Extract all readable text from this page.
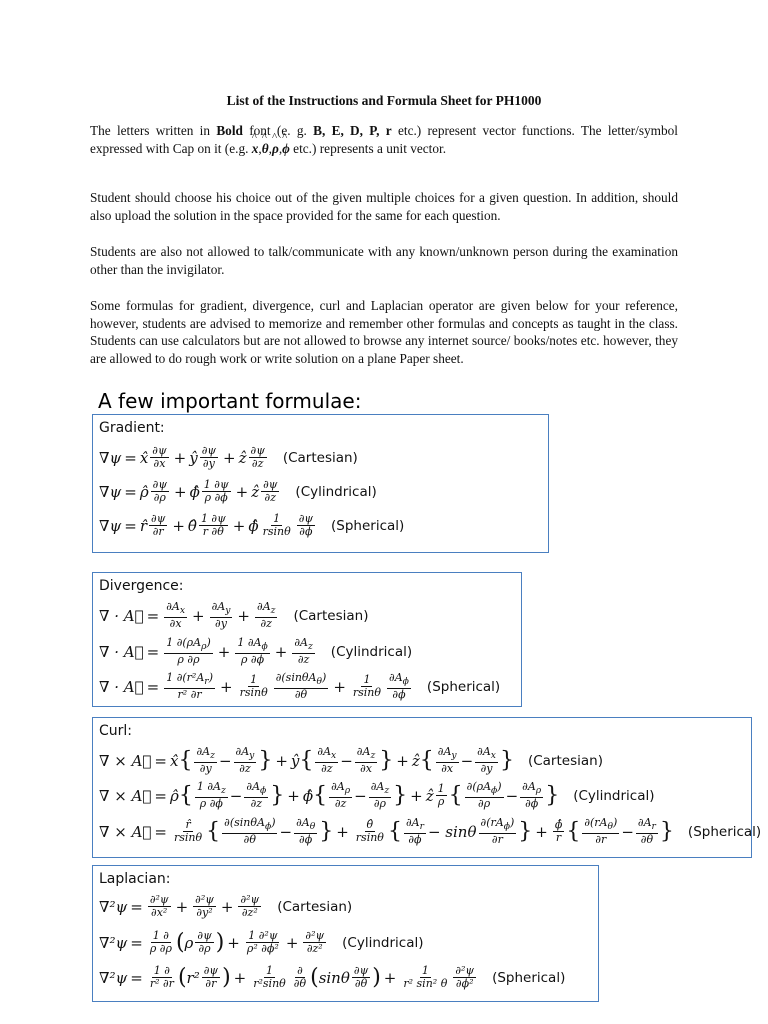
List of the Instructions and Formula Sheet for PH1000
The letters written in Bold font (e. g. B, E, D, P, r etc.) represent vector functions. The letter/symbol expressed with Cap on it (e.g. ^ x,^ θ,^ ρ,^ ϕ etc.) represents a unit vector.
Student should choose his choice out of the given multiple choices for a given question. In addition, should also upload the solution in the space provided for the same for each question.
Students are also not allowed to talk/communicate with any known/unknown person during the examination other than the invigilator.
Some formulas for gradient, divergence, curl and Laplacian operator are given below for your reference, however, students are advised to memorize and remember other formulas and concepts as taught in the class. Students can use calculators but are not allowed to browse any internet source/ books/notes etc. however, they are allowed to do rough work or write solution on a plane Paper sheet.
A few important formulae:
Gradient:
∇ψ = x̂ $\frac{\partial\psi}{\partial x}$ + ŷ $\frac{\partial\psi}{\partial y}$ + ẑ $\frac{\partial\psi}{\partial z}$ (Cartesian)
∇ψ = ρ̂ $\frac{\partial\psi}{\partial\rho}$ + ϕ̂ $\frac{1 \partial\psi}{\rho \partial\phi}$ + ẑ $\frac{\partial\psi}{\partial z}$ (Cylindrical)
∇ψ = r̂ $\frac{\partial\psi}{\partial r}$ + θ̂ $\frac{1 \partial\psi}{r \partial\theta}$ + ϕ̂ $\frac{1}{rsin\theta} \frac{\partial\psi}{\partial\phi}$ (Spherical)
Divergence:
∇ · A⃗ = $\frac{\partial A_x}{\partial x} + \frac{\partial A_y}{\partial y} + \frac{\partial A_z}{\partial z}$ (Cartesian)
∇ · A⃗ = $\frac{1 \partial(\rho A_\rho)}{\rho \partial\rho} + \frac{1 \partial A_\phi}{\rho \partial\phi} + \frac{\partial A_z}{\partial z}$ (Cylindrical)
∇ · A⃗ = $\frac{1 \partial(r^2A_r)}{\text{r² ∂r}} + \frac{1}{rsin\theta} \frac{\partial(\sin\theta A_\theta)}{\partial\theta} + \frac{1}{rsin\theta} \frac{\partial A_\phi}{\partial\phi}$ (Spherical)
Curl:
∇ × A⃗ = x̂ { $\frac{\partial A_z}{\partial y} - \frac{\partial A_y}{\partial z}$ } + ŷ { $\frac{\partial A_x}{\partial z} - \frac{\partial A_z}{\partial x}$ } + ẑ { $\frac{\partial A_y}{\partial x} - \frac{\partial A_x}{\partial y}$ } (Cartesian)
∇ × A⃗ = ρ̂ { $\frac{1 \partial A_z}{\rho \partial\phi} - \frac{\partial A_\phi}{\partial z}$ } + ϕ̂ { $\frac{\partial A_\rho}{\partial z} - \frac{\partial A_z}{\partial\rho}$ } + ẑ $\frac{1}{\rho}$ { $\frac{\partial(\rho A_\phi)}{\partial\rho} - \frac{\partial A_\rho}{\partial\phi}$ } (Cylindrical)
∇ × A⃗ = $\frac{r̂}{rsin\theta}$ { $\frac{\partial(\sin\theta A_\phi)}{\partial\theta} - \frac{\partial A_\theta}{\partial\phi}$ } + $\frac{\thetâ}{rsin\theta}$ { $\frac{\partial A_r}{\partial\phi} - \sin\theta \frac{\partial(rA_\phi)}{\partial r}$ } + $\frac{\phî}{r}$ { $\frac{\partial(rA_\theta)}{\partial r} - \frac{\partial A_r}{\partial\theta}$ } (Spherical)
Laplacian:
$\nabla^2\psi = \frac{\text{∂²ψ}}{\text{∂x²}} + \frac{\text{∂²ψ}}{\text{∂y²}} + \frac{\text{∂²ψ}}{\text{∂z²}}$ (Cartesian)
$\nabla^2\psi = \frac{1 \partial}{\rho \partial\rho}$ ( ρ $\frac{\partial\psi}{\partial\rho}$ ) + $\frac{\text{1 ∂²ψ}}{\text{ρ² ∂ϕ²}} + \frac{\text{∂²ψ}}{\text{∂z²}}$ (Cylindrical)
$\nabla^2\psi = \frac{1 \partial}{\text{r² ∂r}}$ ( $r^2 \frac{\partial\psi}{\partial r}$ ) + $\frac{1}{\text{r²sinθ}} \frac{\partial}{\partial\theta}$ ( sinθ $\frac{\partial\psi}{\partial\theta}$ ) + $\frac{1}{\text{r² sin² θ}} \frac{\text{∂²ψ}}{\text{∂ϕ²}}$ (Spherical)
